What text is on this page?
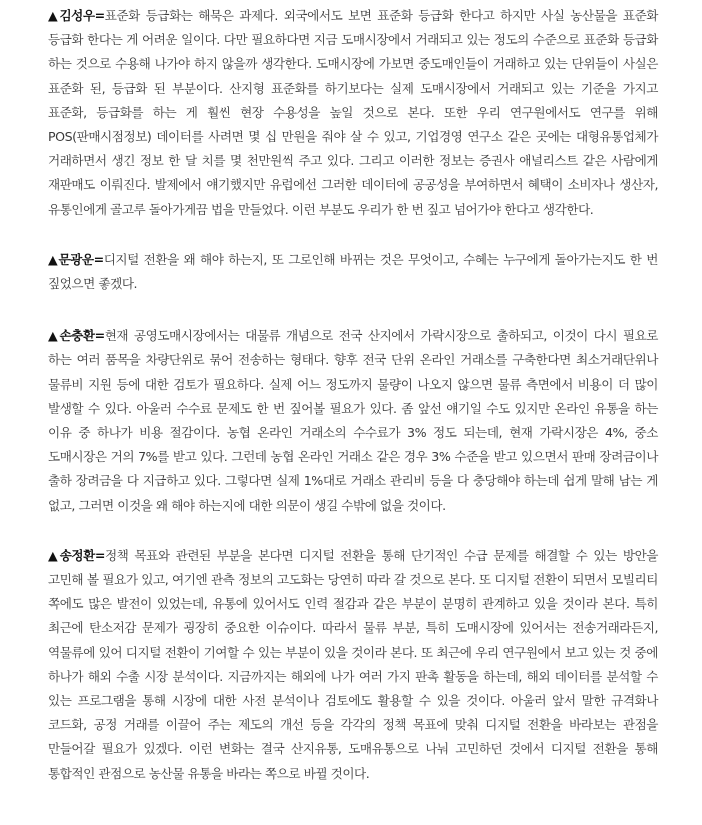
▲김성우=표준화 등급화는 해묵은 과제다. 외국에서도 보면 표준화 등급화 한다고 하지만 사실 농산물을 표준화 등급화 한다는 게 어려운 일이다. 다만 필요하다면 지금 도매시장에서 거래되고 있는 정도의 수준으로 표준화 등급화 하는 것으로 수용해 나가야 하지 않을까 생각한다. 도매시장에 가보면 중도매인들이 거래하고 있는 단위들이 사실은 표준화 된, 등급화 된 부분이다. 산지형 표준화를 하기보다는 실제 도매시장에서 거래되고 있는 기준을 가지고 표준화, 등급화를 하는 게 훨씬 현장 수용성을 높일 것으로 본다. 또한 우리 연구원에서도 연구를 위해 POS(판매시점정보) 데이터를 사려면 몇 십 만원을 줘야 살 수 있고, 기업경영 연구소 같은 곳에는 대형유통업체가 거래하면서 생긴 정보 한 달 치를 몇 천만원씩 주고 있다. 그리고 이러한 정보는 증권사 애널리스트 같은 사람에게 재판매도 이뤄진다. 발제에서 얘기했지만 유럽에선 그러한 데이터에 공공성을 부여하면서 혜택이 소비자나 생산자, 유통인에게 골고루 돌아가게끔 법을 만들었다. 이런 부분도 우리가 한 번 짚고 넘어가야 한다고 생각한다.

▲문광운=디지털 전환을 왜 해야 하는지, 또 그로인해 바뀌는 것은 무엇이고, 수혜는 누구에게 돌아가는지도 한 번 짚었으면 좋겠다.

▲손충환=현재 공영도매시장에서는 대물류 개념으로 전국 산지에서 가락시장으로 출하되고, 이것이 다시 필요로 하는 여러 품목을 차량단위로 묶어 전송하는 형태다. 향후 전국 단위 온라인 거래소를 구축한다면 최소거래단위나 물류비 지원 등에 대한 검토가 필요하다. 실제 어느 정도까지 물량이 나오지 않으면 물류 측면에서 비용이 더 많이 발생할 수 있다. 아울러 수수료 문제도 한 번 짚어볼 필요가 있다. 좀 앞선 얘기일 수도 있지만 온라인 유통을 하는 이유 중 하나가 비용 절감이다. 농협 온라인 거래소의 수수료가 3% 정도 되는데, 현재 가락시장은 4%, 중소 도매시장은 거의 7%를 받고 있다. 그런데 농협 온라인 거래소 같은 경우 3% 수준을 받고 있으면서 판매 장려금이나 출하 장려금을 다 지급하고 있다. 그렇다면 실제 1%대로 거래소 관리비 등을 다 충당해야 하는데 쉽게 말해 남는 게 없고, 그러면 이것을 왜 해야 하는지에 대한 의문이 생길 수밖에 없을 것이다.

▲송정환=정책 목표와 관련된 부분을 본다면 디지털 전환을 통해 단기적인 수급 문제를 해결할 수 있는 방안을 고민해 볼 필요가 있고, 여기엔 관측 정보의 고도화는 당연히 따라 갈 것으로 본다. 또 디지털 전환이 되면서 모빌리티 쪽에도 많은 발전이 있었는데, 유통에 있어서도 인력 절감과 같은 부분이 분명히 관계하고 있을 것이라 본다. 특히 최근에 탄소저감 문제가 굉장히 중요한 이슈이다. 따라서 물류 부분, 특히 도매시장에 있어서는 전송거래라든지, 역물류에 있어 디지털 전환이 기여할 수 있는 부분이 있을 것이라 본다. 또 최근에 우리 연구원에서 보고 있는 것 중에 하나가 해외 수출 시장 분석이다. 지금까지는 해외에 나가 여러 가지 판촉 활동을 하는데, 해외 데이터를 분석할 수 있는 프로그램을 통해 시장에 대한 사전 분석이나 검토에도 활용할 수 있을 것이다. 아울러 앞서 말한 규격화나 코드화, 공정 거래를 이끌어 주는 제도의 개선 등을 각각의 정책 목표에 맞춰 디지털 전환을 바라보는 관점을 만들어갈 필요가 있겠다. 이런 변화는 결국 산지유통, 도매유통으로 나눠 고민하던 것에서 디지털 전환을 통해 통합적인 관점으로 농산물 유통을 바라는 쪽으로 바뀔 것이다.
